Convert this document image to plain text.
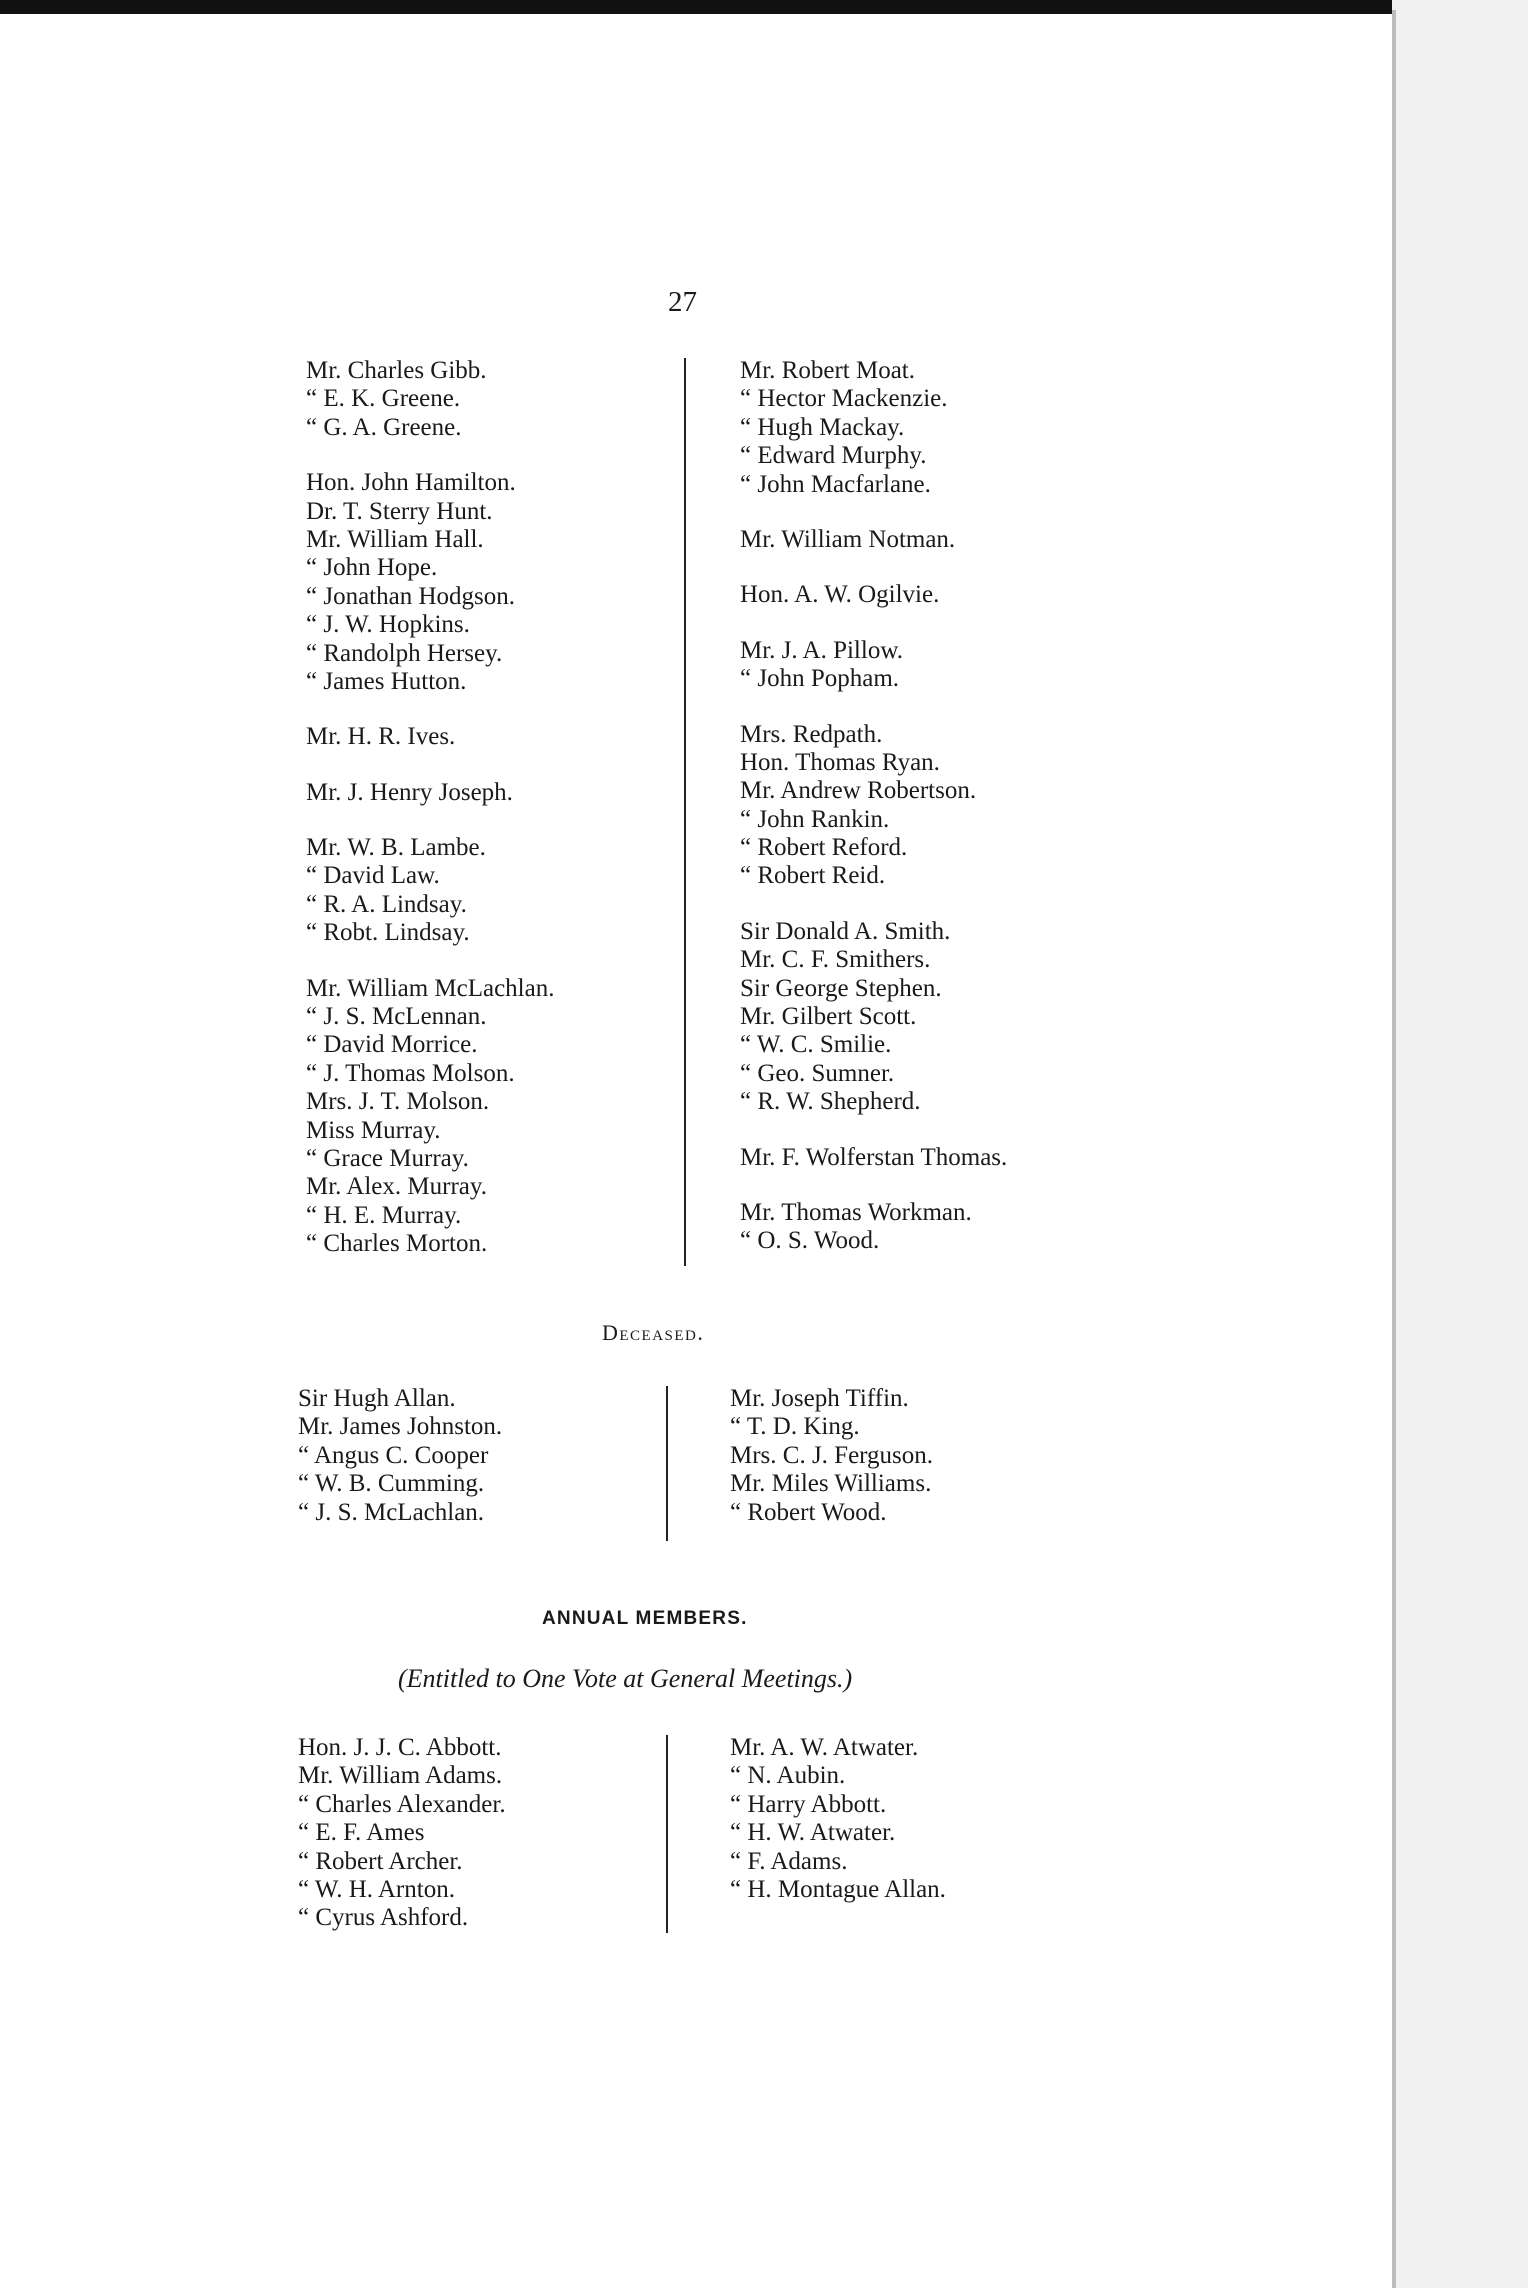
27
Mr. Charles Gibb.
“ E. K. Greene.
“ G. A. Greene.
Hon. John Hamilton.
Dr. T. Sterry Hunt.
Mr. William Hall.
“ John Hope.
“ Jonathan Hodgson.
“ J. W. Hopkins.
“ Randolph Hersey.
“ James Hutton.
Mr. H. R. Ives.
Mr. J. Henry Joseph.
Mr. W. B. Lambe.
“ David Law.
“ R. A. Lindsay.
“ Robt. Lindsay.
Mr. William McLachlan.
“ J. S. McLennan.
“ David Morrice.
“ J. Thomas Molson.
Mrs. J. T. Molson.
Miss Murray.
“ Grace Murray.
Mr. Alex. Murray.
“ H. E. Murray.
“ Charles Morton.
Mr. Robert Moat.
“ Hector Mackenzie.
“ Hugh Mackay.
“ Edward Murphy.
“ John Macfarlane.
Mr. William Notman.
Hon. A. W. Ogilvie.
Mr. J. A. Pillow.
“ John Popham.
Mrs. Redpath.
Hon. Thomas Ryan.
Mr. Andrew Robertson.
“ John Rankin.
“ Robert Reford.
“ Robert Reid.
Sir Donald A. Smith.
Mr. C. F. Smithers.
Sir George Stephen.
Mr. Gilbert Scott.
“ W. C. Smilie.
“ Geo. Sumner.
“ R. W. Shepherd.
Mr. F. Wolferstan Thomas.
Mr. Thomas Workman.
“ O. S. Wood.
Deceased.
Sir Hugh Allan.
Mr. James Johnston.
“ Angus C. Cooper
“ W. B. Cumming.
“ J. S. McLachlan.
Mr. Joseph Tiffin.
“ T. D. King.
Mrs. C. J. Ferguson.
Mr. Miles Williams.
“ Robert Wood.
ANNUAL MEMBERS.
(Entitled to One Vote at General Meetings.)
Hon. J. J. C. Abbott.
Mr. William Adams.
“ Charles Alexander.
“ E. F. Ames
“ Robert Archer.
“ W. H. Arnton.
“ Cyrus Ashford.
Mr. A. W. Atwater.
“ N. Aubin.
“ Harry Abbott.
“ H. W. Atwater.
“ F. Adams.
“ H. Montague Allan.
